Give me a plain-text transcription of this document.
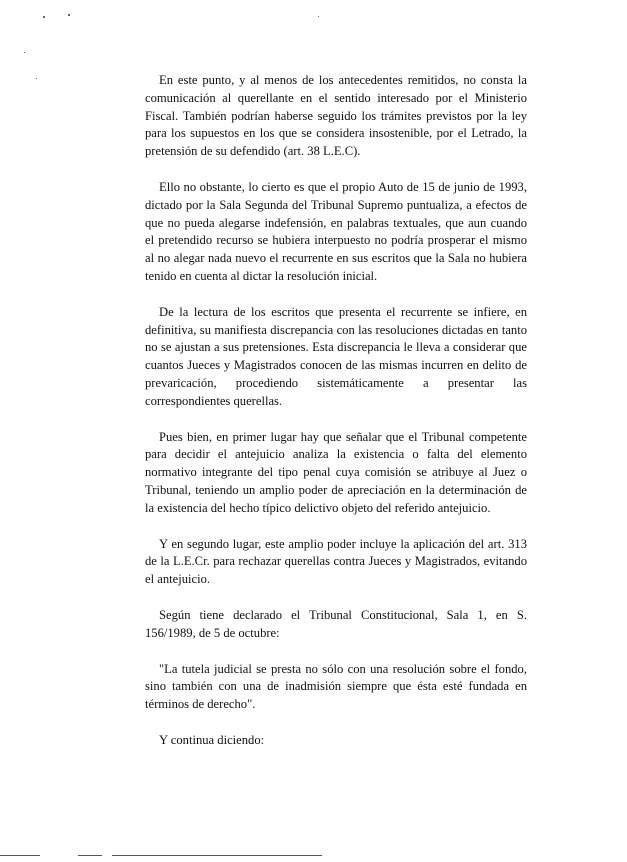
En este punto, y al menos de los antecedentes remitidos, no consta la comunicación al querellante en el sentido interesado por el Ministerio Fiscal. También podrían haberse seguido los trámites previstos por la ley para los supuestos en los que se considera insostenible, por el Letrado, la pretensión de su defendido (art. 38 L.E.C).

Ello no obstante, lo cierto es que el propio Auto de 15 de junio de 1993, dictado por la Sala Segunda del Tribunal Supremo puntualiza, a efectos de que no pueda alegarse indefensión, en palabras textuales, que aun cuando el pretendido recurso se hubiera interpuesto no podría prosperar el mismo al no alegar nada nuevo el recurrente en sus escritos que la Sala no hubiera tenido en cuenta al dictar la resolución inicial.

De la lectura de los escritos que presenta el recurrente se infiere, en definitiva, su manifiesta discrepancia con las resoluciones dictadas en tanto no se ajustan a sus pretensiones. Esta discrepancia le lleva a considerar que cuantos Jueces y Magistrados conocen de las mismas incurren en delito de prevaricación, procediendo sistemáticamente a presentar las correspondientes querellas.

Pues bien, en primer lugar hay que señalar que el Tribunal competente para decidir el antejuicio analiza la existencia o falta del elemento normativo integrante del tipo penal cuya comisión se atribuye al Juez o Tribunal, teniendo un amplio poder de apreciación en la determinación de la existencia del hecho típico delictivo objeto del referido antejuicio.

Y en segundo lugar, este amplio poder incluye la aplicación del art. 313 de la L.E.Cr. para rechazar querellas contra Jueces y Magistrados, evitando el antejuicio.

Según tiene declarado el Tribunal Constitucional, Sala 1, en S. 156/1989, de 5 de octubre:

"La tutela judicial se presta no sólo con una resolución sobre el fondo, sino también con una de inadmisión siempre que ésta esté fundada en términos de derecho".

Y continua diciendo:
